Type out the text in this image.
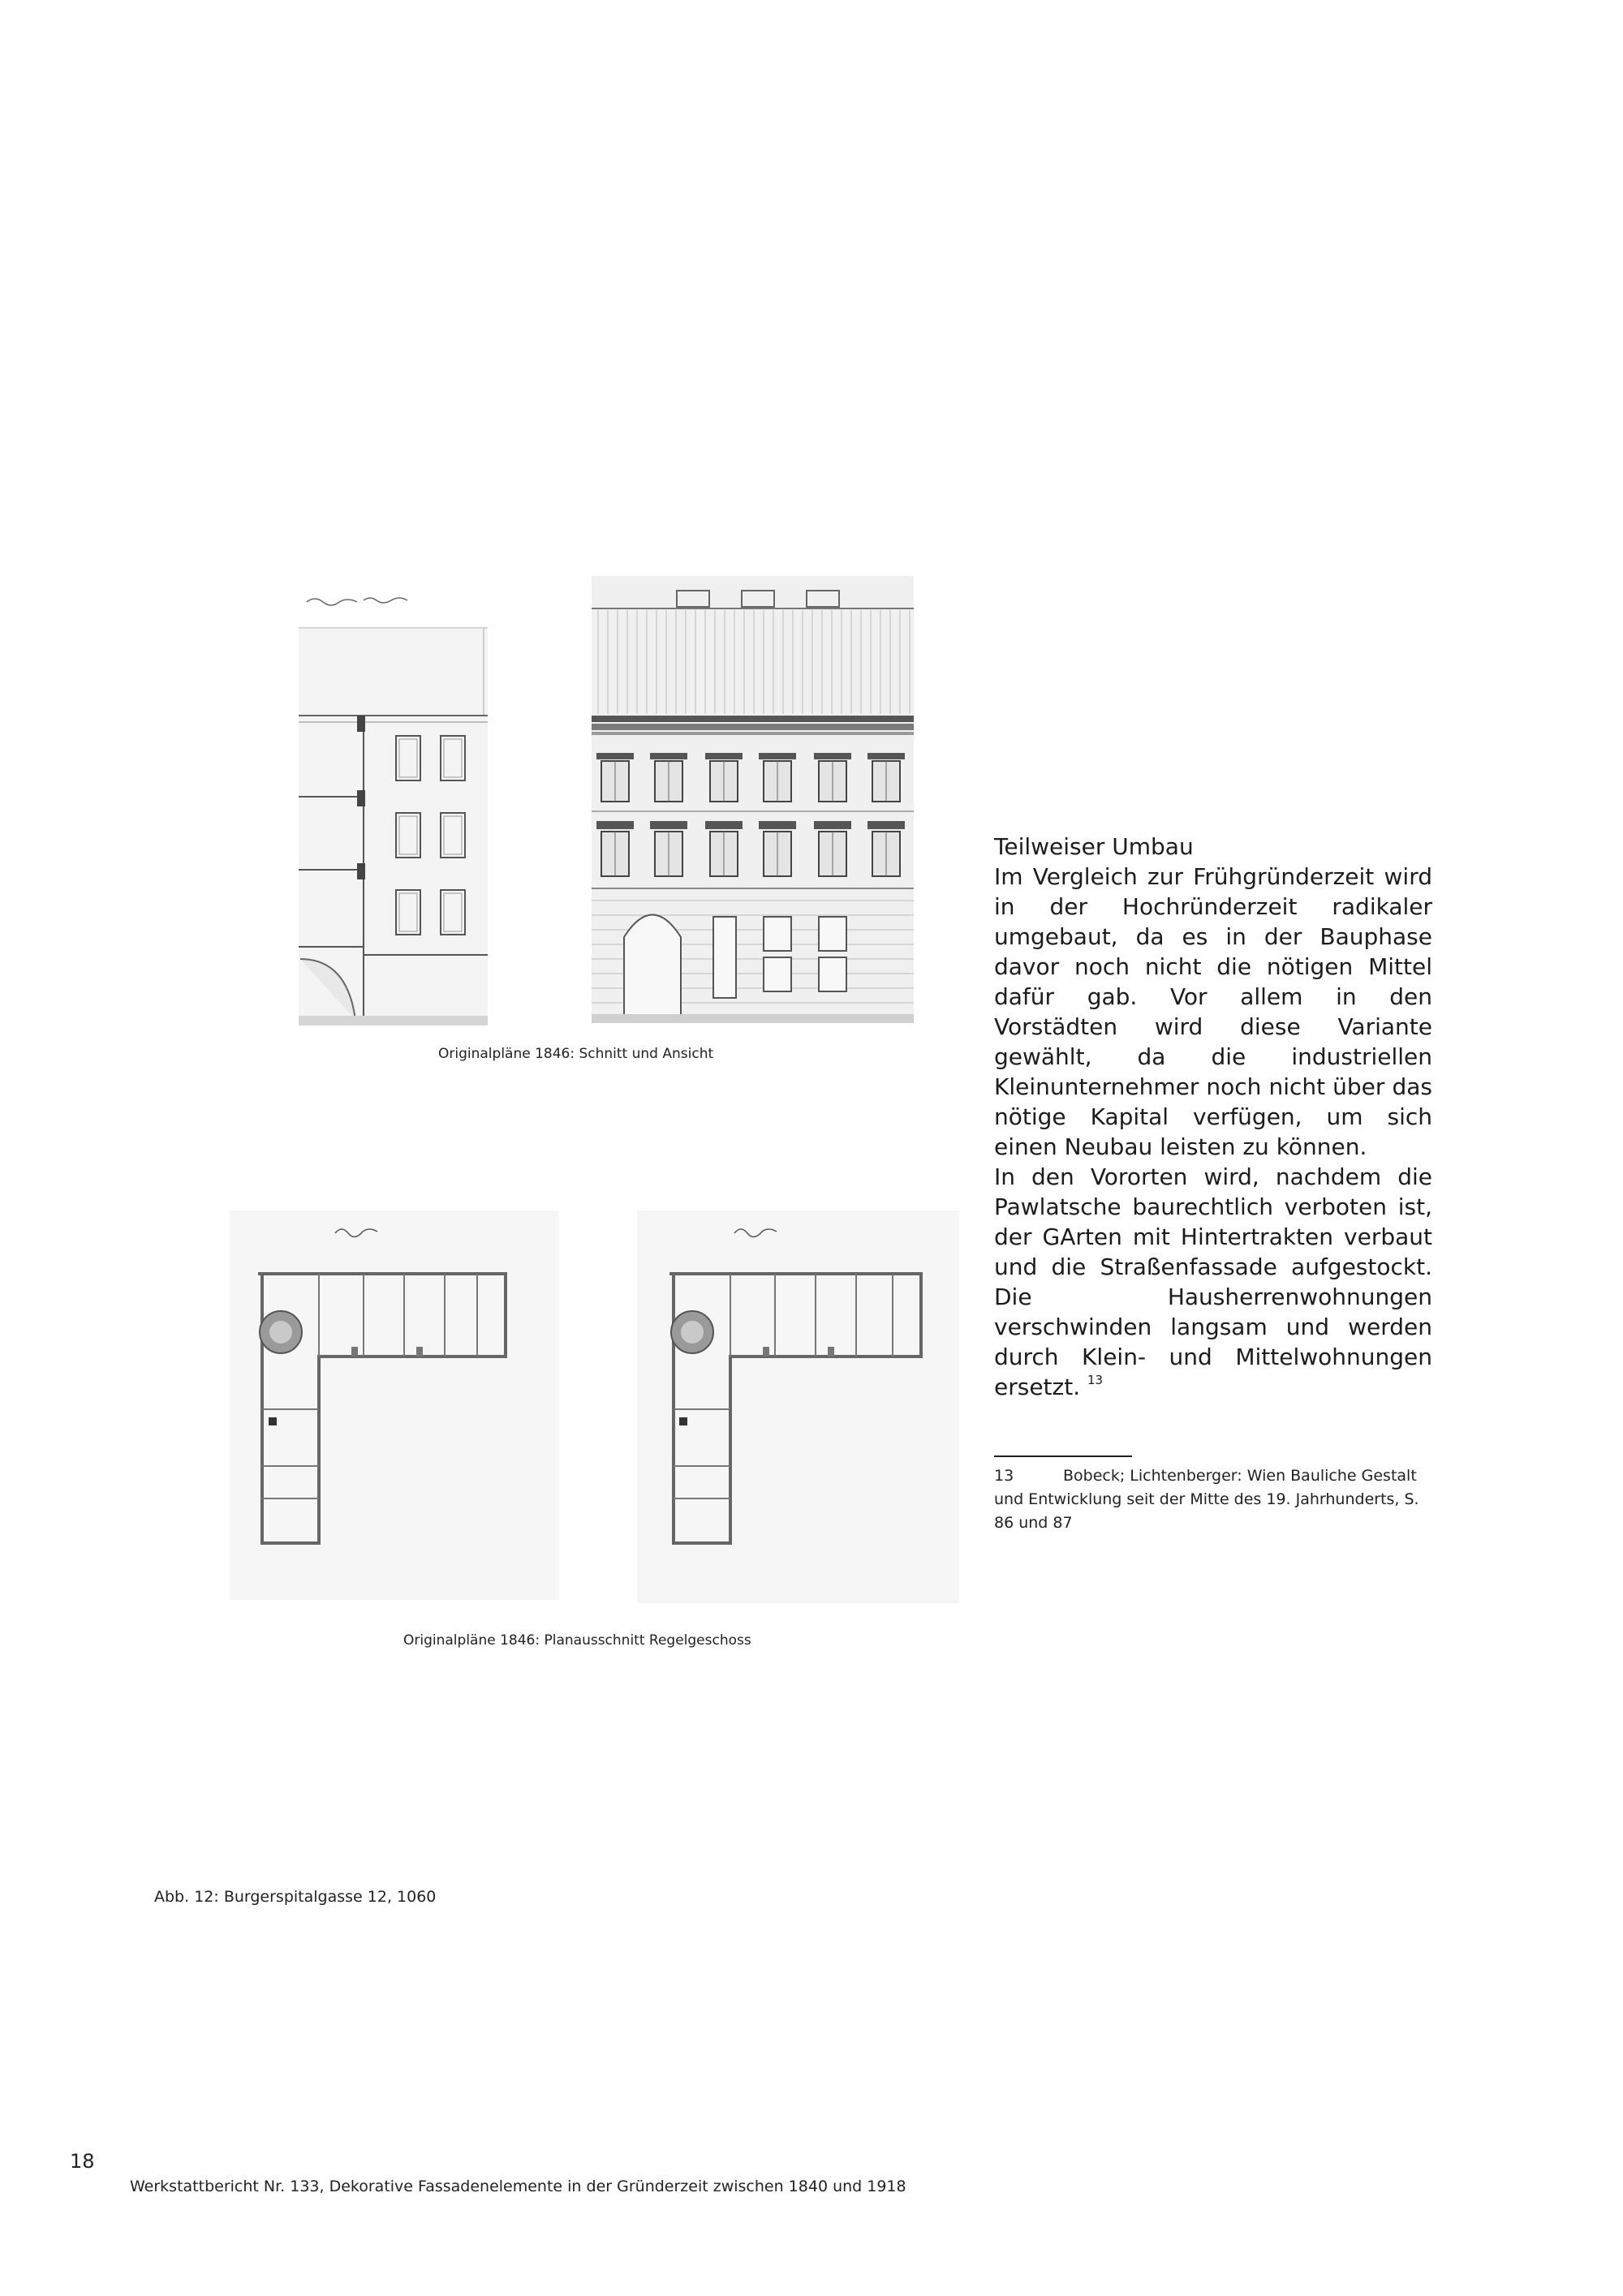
Originalpläne 1846: Schnitt und Ansicht
Originalpläne 1846: Planausschnitt Regelgeschoss
Abb. 12: Burgerspitalgasse 12, 1060

Teilweiser Umbau

Im Vergleich zur Frühgründerzeit wird in der Hochründerzeit radikaler umgebaut, da es in der Bauphase davor noch nicht die nötigen Mittel dafür gab. Vor allem in den Vorstädten wird diese Variante gewählt, da die industriellen Kleinunternehmer noch nicht über das nötige Kapital verfügen, um sich einen Neubau leisten zu können.

In den Vororten wird, nachdem die Pawlatsche baurechtlich verboten ist, der GArten mit Hintertrakten verbaut und die Straßenfassade aufgestockt. Die Hausherrenwohnungen verschwinden langsam und werden durch Klein- und Mittelwohnungen ersetzt. $^{13}$

13	Bobeck; Lichtenberger: Wien Bauliche Gestalt und Entwicklung seit der Mitte des 19. Jahrhunderts, S. 86 und 87
18
Werkstattbericht Nr. 133, Dekorative Fassadenelemente in der Gründerzeit zwischen 1840 und 1918
